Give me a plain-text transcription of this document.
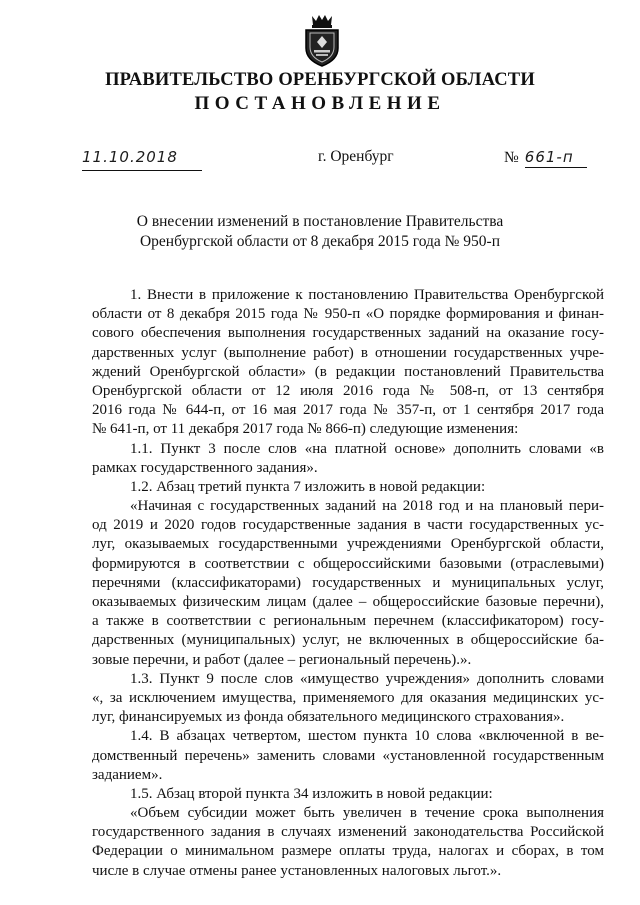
ПРАВИТЕЛЬСТВО ОРЕНБУРГСКОЙ ОБЛАСТИ
ПОСТАНОВЛЕНИЕ
11.10.2018	г. Оренбург	№ 661-п
О внесении изменений в постановление Правительства
Оренбургской области от 8 декабря 2015 года № 950-п
1. Внести в приложение к постановлению Правительства Оренбургской
области от 8 декабря 2015 года № 950-п «О порядке формирования и финан-
сового обеспечения выполнения государственных заданий на оказание госу-
дарственных услуг (выполнение работ) в отношении государственных учре-
ждений Оренбургской области» (в редакции постановлений Правительства
Оренбургской области от 12 июля 2016 года № 508-п, от 13 сентября
2016 года № 644-п, от 16 мая 2017 года № 357-п, от 1 сентября 2017 года
№ 641-п, от 11 декабря 2017 года № 866-п) следующие изменения:
1.1. Пункт 3 после слов «на платной основе» дополнить словами «в
рамках государственного задания».
1.2. Абзац третий пункта 7 изложить в новой редакции:
«Начиная с государственных заданий на 2018 год и на плановый пери-
од 2019 и 2020 годов государственные задания в части государственных ус-
луг, оказываемых государственными учреждениями Оренбургской области,
формируются в соответствии с общероссийскими базовыми (отраслевыми)
перечнями (классификаторами) государственных и муниципальных услуг,
оказываемых физическим лицам (далее – общероссийские базовые перечни),
а также в соответствии с региональным перечнем (классификатором) госу-
дарственных (муниципальных) услуг, не включенных в общероссийские ба-
зовые перечни, и работ (далее – региональный перечень).».
1.3. Пункт 9 после слов «имущество учреждения» дополнить словами
«, за исключением имущества, применяемого для оказания медицинских ус-
луг, финансируемых из фонда обязательного медицинского страхования».
1.4. В абзацах четвертом, шестом пункта 10 слова «включенной в ве-
домственный перечень» заменить словами «установленной государственным
заданием».
1.5. Абзац второй пункта 34 изложить в новой редакции:
«Объем субсидии может быть увеличен в течение срока выполнения
государственного задания в случаях изменений законодательства Российской
Федерации о минимальном размере оплаты труда, налогах и сборах, в том
числе в случае отмены ранее установленных налоговых льгот.».
